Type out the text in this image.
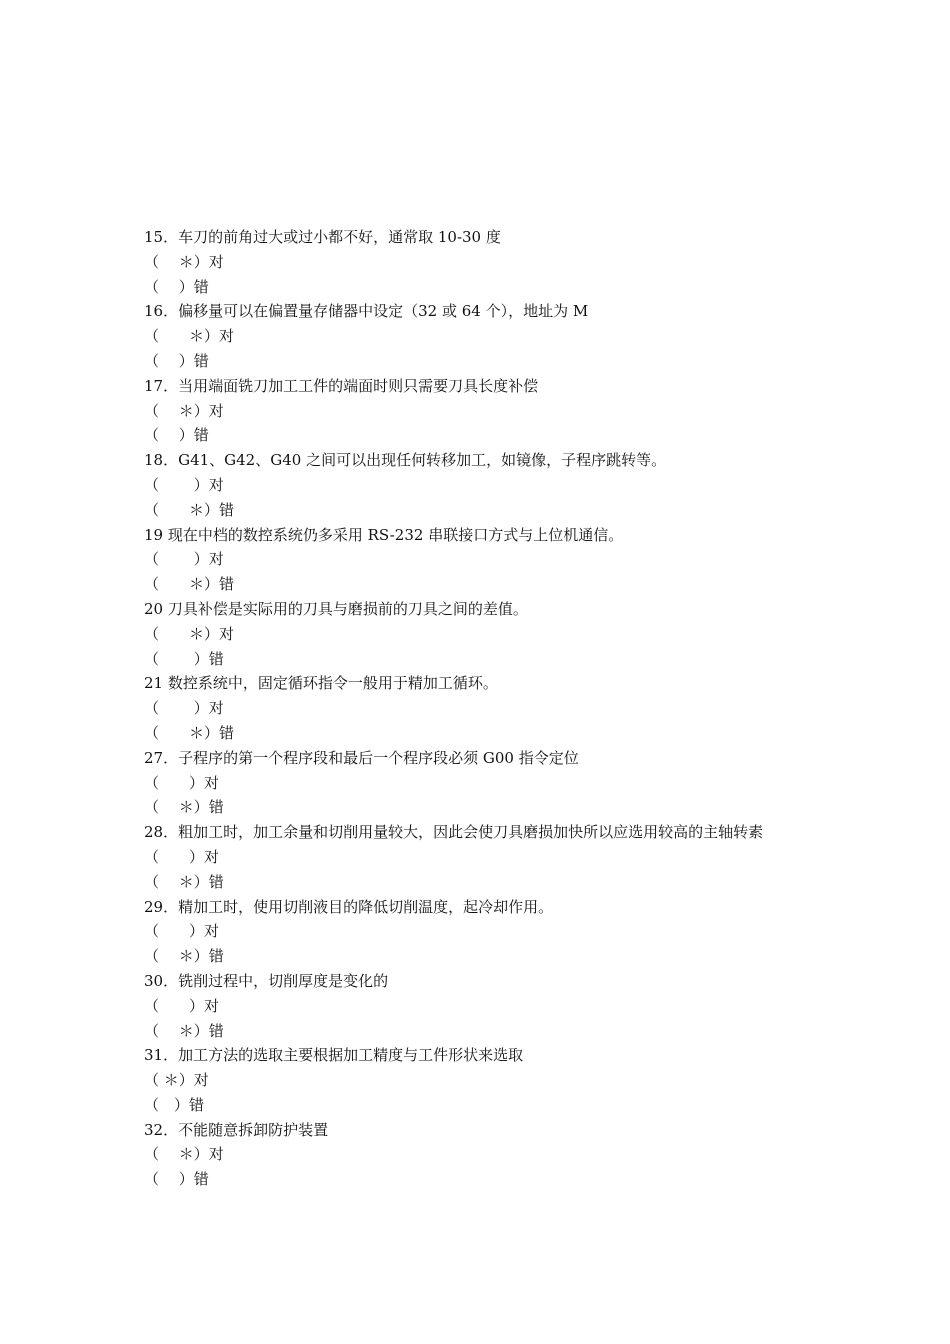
15．车刀的前角过大或过小都不好，通常取 10-30 度

（　 ＊）对

（　 ）错

16．偏移量可以在偏置量存储器中设定（32 或 64 个），地址为 M

（　　＊）对

（　 ）错

17．当用端面铣刀加工工件的端面时则只需要刀具长度补偿

（　 ＊）对

（　 ）错

18．G41、G42、G40 之间可以出现任何转移加工，如镜像，子程序跳转等。

（　　 ）对

（　　＊）错

19 现在中档的数控系统仍多采用 RS-232 串联接口方式与上位机通信。

（　　 ）对

（　　＊）错

20 刀具补偿是实际用的刀具与磨损前的刀具之间的差值。

（　　＊）对

（　　 ）错

21 数控系统中，固定循环指令一般用于精加工循环。

（　　 ）对

（　　＊）错

27．子程序的第一个程序段和最后一个程序段必须 G00 指令定位

（　　）对

（　 ＊）错

28．粗加工时，加工余量和切削用量较大，因此会使刀具磨损加快所以应选用较高的主轴转素

（　　）对

（　 ＊）错

29．精加工时，使用切削液目的降低切削温度，起冷却作用。

（　　）对

（　 ＊）错

30．铣削过程中，切削厚度是变化的

（　　）对

（　 ＊）错

31．加工方法的选取主要根据加工精度与工件形状来选取

（ ＊）对

（　）错

32．不能随意拆卸防护装置

（　 ＊）对

（　 ）错
